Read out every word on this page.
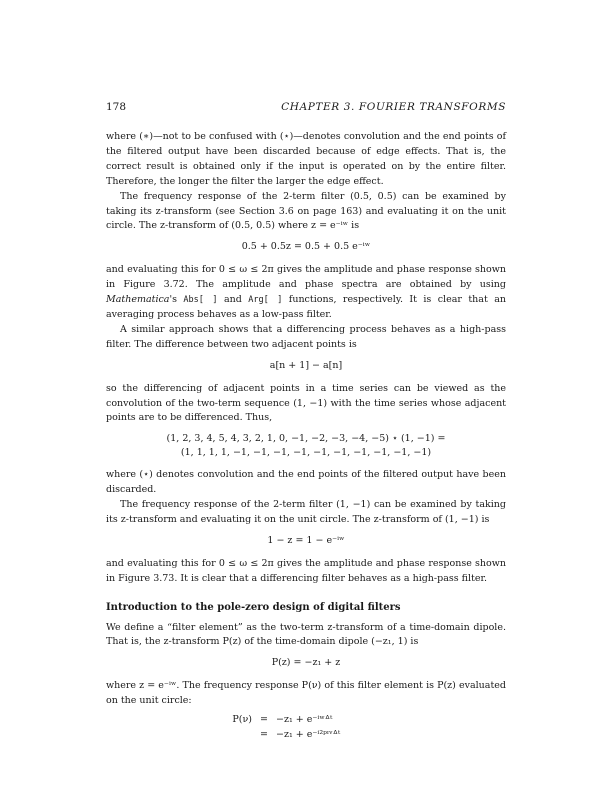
178	CHAPTER 3. FOURIER TRANSFORMS

where (∗)—not to be confused with (⋆)—denotes convolution and the end points of the filtered output have been discarded because of edge effects. That is, the correct result is obtained only if the input is operated on by the entire filter. Therefore, the longer the filter the larger the edge effect.

The frequency response of the 2-term filter (0.5, 0.5) can be examined by taking its z-transform (see Section 3.6 on page 163) and evaluating it on the unit circle. The z-transform of (0.5, 0.5) where z = e⁻ⁱʷ is

0.5 + 0.5z = 0.5 + 0.5 e⁻ⁱʷ

and evaluating this for 0 ≤ ω ≤ 2π gives the amplitude and phase response shown in Figure 3.72. The amplitude and phase spectra are obtained by using Mathematica's Abs[ ] and Arg[ ] functions, respectively. It is clear that an averaging process behaves as a low-pass filter.

A similar approach shows that a differencing process behaves as a high-pass filter. The difference between two adjacent points is

a[n + 1] − a[n]

so the differencing of adjacent points in a time series can be viewed as the convolution of the two-term sequence (1, −1) with the time series whose adjacent points are to be differenced. Thus,

(1, 2, 3, 4, 5, 4, 3, 2, 1, 0, −1, −2, −3, −4, −5) ⋆ (1, −1) =
(1, 1, 1, 1, −1, −1, −1, −1, −1, −1, −1, −1, −1, −1)

where (⋆) denotes convolution and the end points of the filtered output have been discarded.

The frequency response of the 2-term filter (1, −1) can be examined by taking its z-transform and evaluating it on the unit circle. The z-transform of (1, −1) is

1 − z = 1 − e⁻ⁱʷ

and evaluating this for 0 ≤ ω ≤ 2π gives the amplitude and phase response shown in Figure 3.73. It is clear that a differencing filter behaves as a high-pass filter.

Introduction to the pole-zero design of digital filters

We define a “filter element” as the two-term z-transform of a time-domain dipole. That is, the z-transform P(z) of the time-domain dipole (−z₁, 1) is

P(z) = −z₁ + z

where z = e⁻ⁱʷ. The frequency response P(ν) of this filter element is P(z) evaluated on the unit circle:

P(ν) = −z₁ + e⁻ⁱʷᐞᵗ
= −z₁ + e⁻ⁱ²ᵖᶦᵛᐞᵗ
